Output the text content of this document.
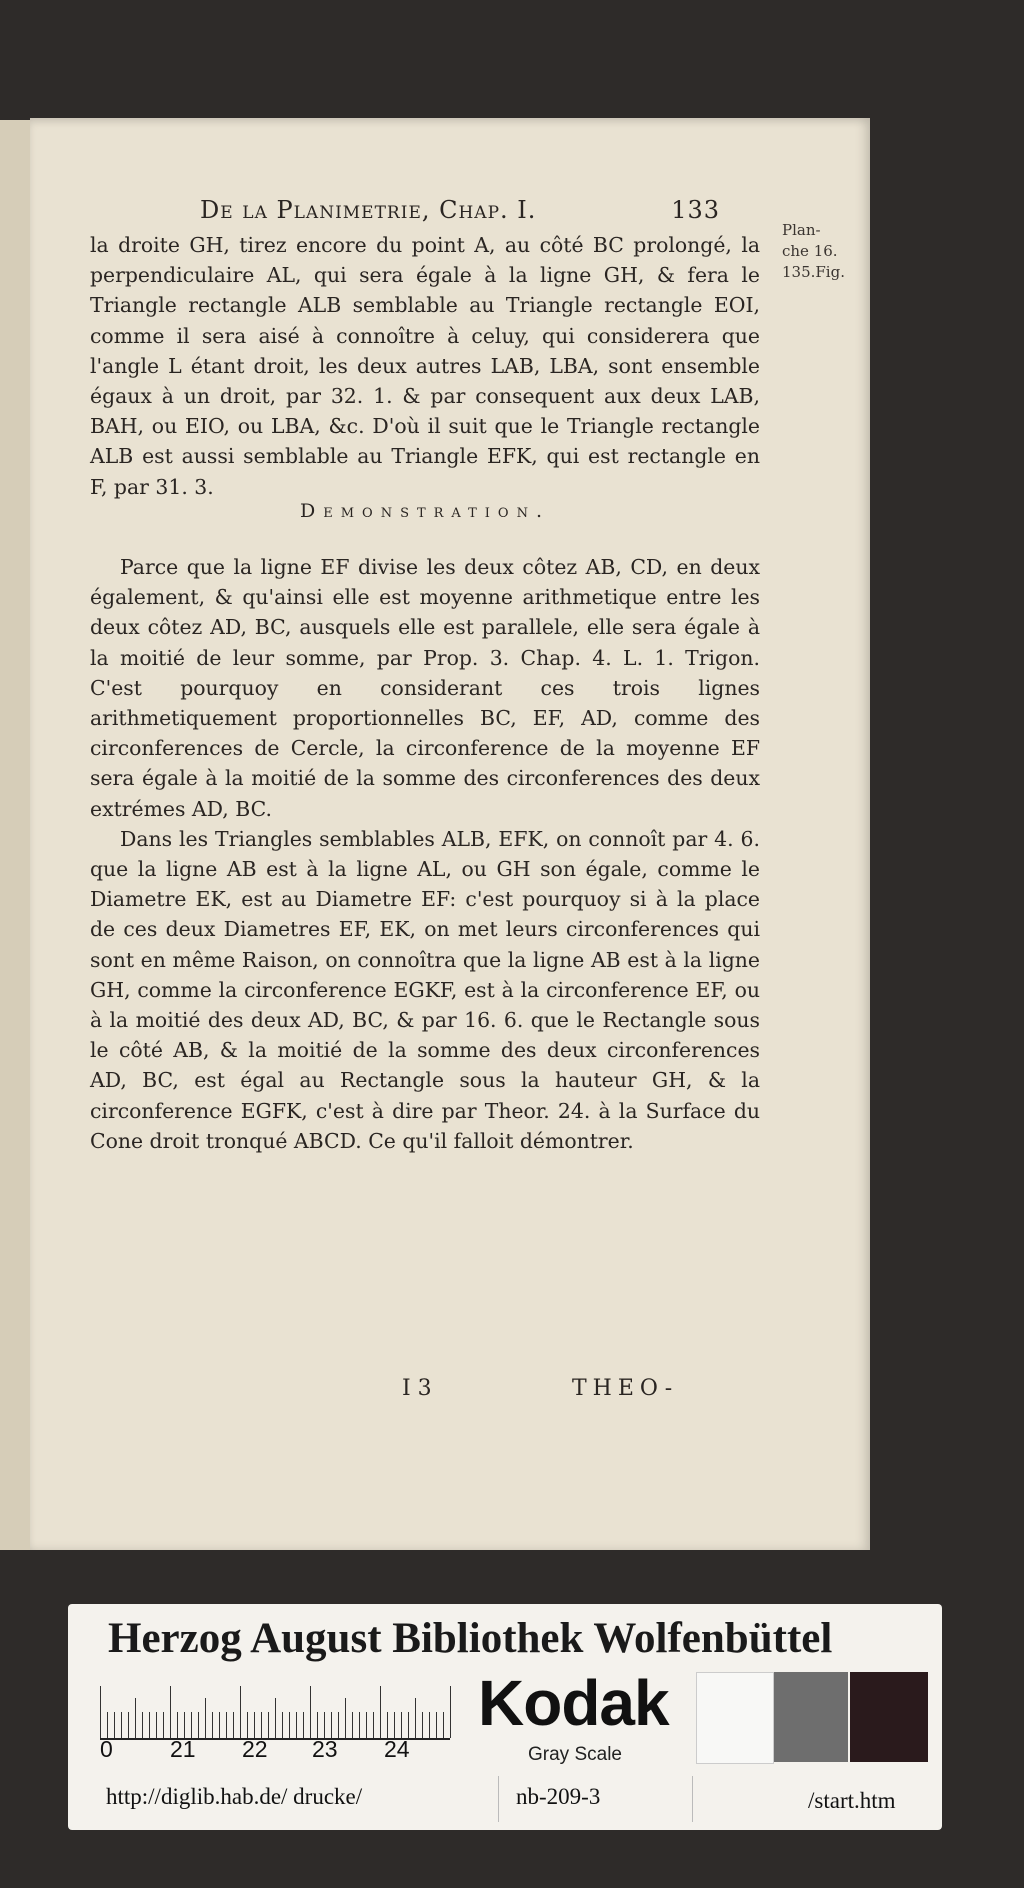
De la Planimetrie, Chap. I.	133
Plan-
che 16.
135.Fig.

la droite GH, tirez encore du point A, au côté BC prolongé, la perpendiculaire AL, qui sera égale à la ligne GH, & fera le Triangle rectangle ALB semblable au Triangle rectangle EOI, comme il sera aisé à connoître à celuy, qui considerera que l'angle L étant droit, les deux autres LAB, LBA, sont ensemble égaux à un droit, par 32. 1. & par consequent aux deux LAB, BAH, ou EIO, ou LBA, &c. D'où il suit que le Triangle rectangle ALB est aussi semblable au Triangle EFK, qui est rectangle en F, par 31. 3.

Demonstration.

Parce que la ligne EF divise les deux côtez AB, CD, en deux également, & qu'ainsi elle est moyenne arithmetique entre les deux côtez AD, BC, ausquels elle est parallele, elle sera égale à la moitié de leur somme, par Prop. 3. Chap. 4. L. 1. Trigon. C'est pourquoy en considerant ces trois lignes arithmetiquement proportionnelles BC, EF, AD, comme des circonferences de Cercle, la circonference de la moyenne EF sera égale à la moitié de la somme des circonferences des deux extrémes AD, BC.

Dans les Triangles semblables ALB, EFK, on connoît par 4. 6. que la ligne AB est à la ligne AL, ou GH son égale, comme le Diametre EK, est au Diametre EF: c'est pourquoy si à la place de ces deux Diametres EF, EK, on met leurs circonferences qui sont en même Raison, on connoîtra que la ligne AB est à la ligne GH, comme la circonference EGKF, est à la circonference EF, ou à la moitié des deux AD, BC, & par 16. 6. que le Rectangle sous le côté AB, & la moitié de la somme des deux circonferences AD, BC, est égal au Rectangle sous la hauteur GH, & la circonference EGFK, c'est à dire par Theor. 24. à la Surface du Cone droit tronqué ABCD. Ce qu'il falloit démontrer.

I 3	THEO-
Herzog August Bibliothek Wolfenbüttel
0 21 22 23 24
Kodak
Gray Scale
http://diglib.hab.de/ drucke/	nb-209-3	/start.htm
